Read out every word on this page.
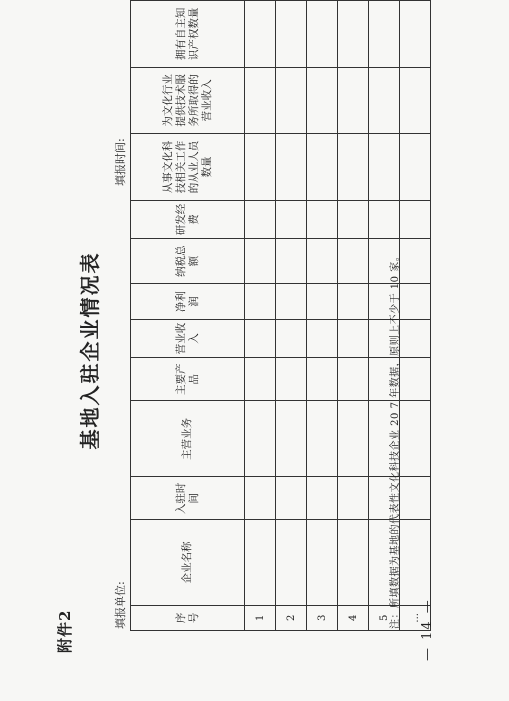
附件2
基地入驻企业情况表
填报单位:
填报时间:
序号	企业名称	入驻时间	主营业务	主要产品	营业收入	净利润	纳税总额	研发经费	从事文化科技相关工作的从业人员数量	为文化行业提供技术服务所取得的营业收入	拥有自主知识产权数量
1											
2											
3											
4											
5											
...											
注：所填数据为基地的代表性文化科技企业 20 7 年数据，原则上不少于 10 家。
— 14 —
